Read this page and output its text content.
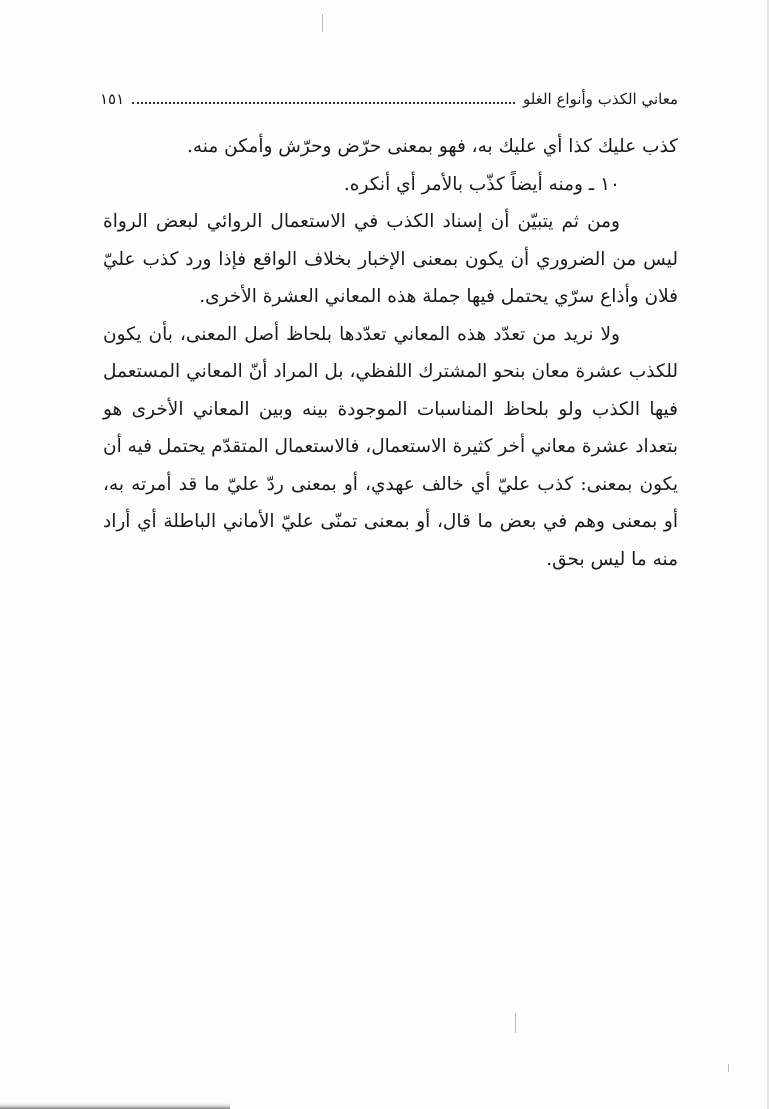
معاني الكذب وأنواع الغلو
١٥١

كذب عليك كذا أي عليك به، فهو بمعنى حرّض وحرّش وأمكن منه.

١٠ ـ ومنه أيضاً كذّب بالأمر أي أنكره.

ومن ثم يتبيّن أن إسناد الكذب في الاستعمال الروائي لبعض الرواة ليس من الضروري أن يكون بمعنى الإخبار بخلاف الواقع فإذا ورد كذب عليّ فلان وأذاع سرّي يحتمل فيها جملة هذه المعاني العشرة الأخرى.

ولا نريد من تعدّد هذه المعاني تعدّدها بلحاظ أصل المعنى، بأن يكون للكذب عشرة معان بنحو المشترك اللفظي، بل المراد أنّ المعاني المستعمل فيها الكذب ولو بلحاظ المناسبات الموجودة بينه وبين المعاني الأخرى هو بتعداد عشرة معاني أخر كثيرة الاستعمال، فالاستعمال المتقدّم يحتمل فيه أن يكون بمعنى: كذب عليّ أي خالف عهدي، أو بمعنى ردّ عليّ ما قد أمرته به، أو بمعنى وهم في بعض ما قال، أو بمعنى تمنّى عليّ الأماني الباطلة أي أراد منه ما ليس بحق.
